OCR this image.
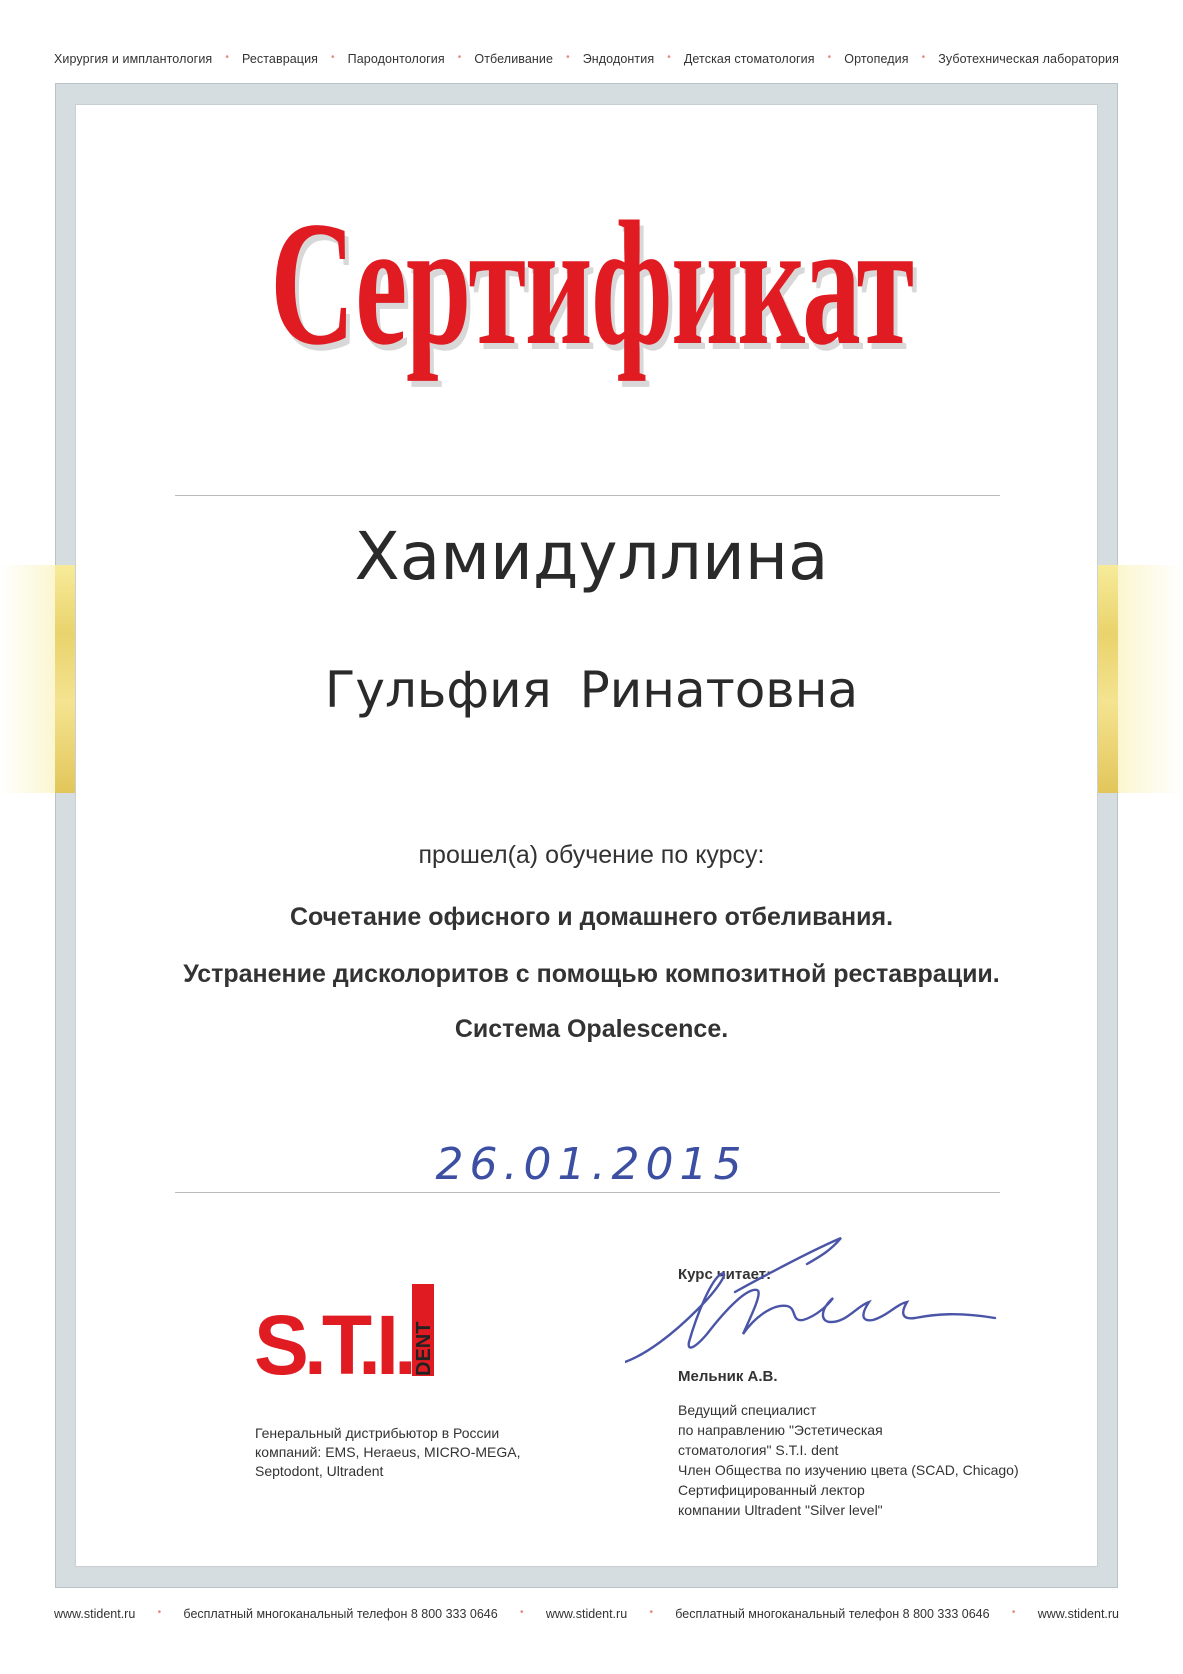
Хирургия и имплантология • Реставрация • Пародонтология • Отбеливание • Эндодонтия • Детская стоматология • Ортопедия • Зуботехническая лаборатория
Сертификат
Хамидуллина
Гульфия Ринатовна
прошел(а) обучение по курсу:
Сочетание офисного и домашнего отбеливания.
Устранение дисколоритов с помощью композитной реставрации.
Система Opalescence.
26.01.2015
S.T.I. DENT
Генеральный дистрибьютор в России
компаний: EMS, Heraeus, MICRO-MEGA,
Septodont, Ultradent
Курс читает:
Мельник А.В.
Ведущий специалист
по направлению "Эстетическая
стоматология" S.T.I. dent
Член Общества по изучению цвета (SCAD, Chicago)
Сертифицированный лектор
компании Ultradent "Silver level"
www.stident.ru • бесплатный многоканальный телефон 8 800 333 0646 • www.stident.ru • бесплатный многоканальный телефон 8 800 333 0646 • www.stident.ru
